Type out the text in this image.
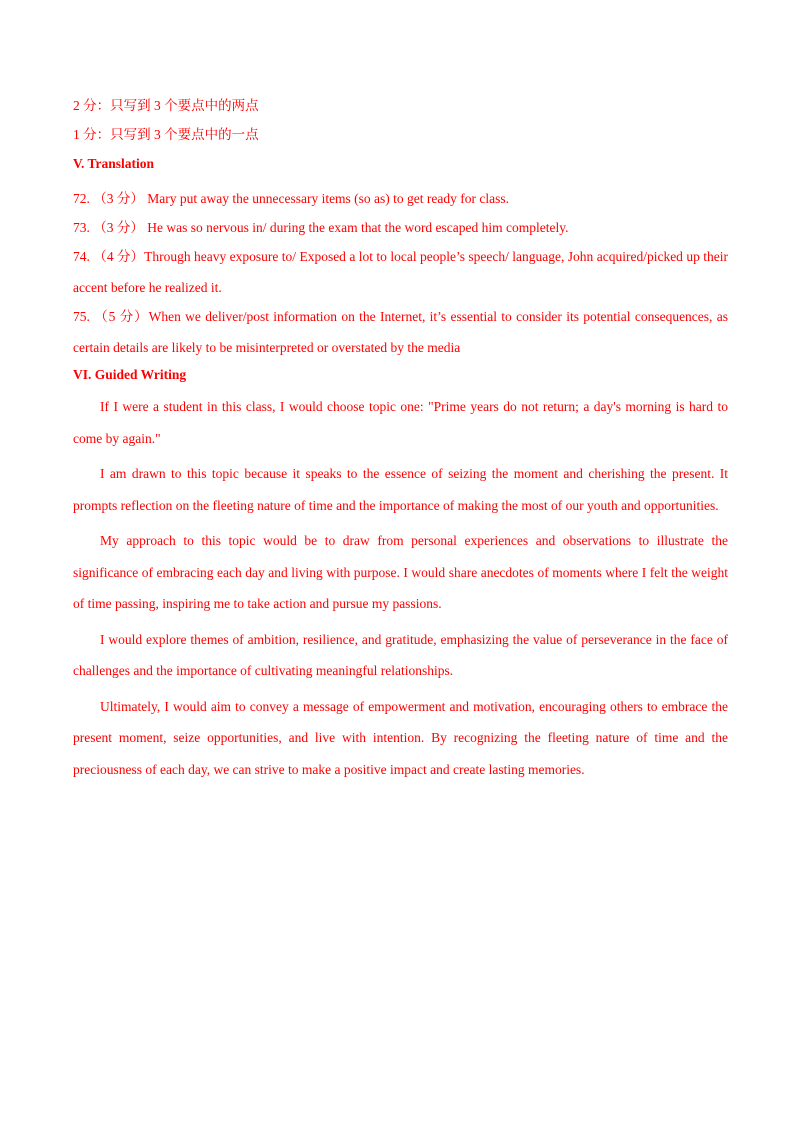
2 分：只写到 3 个要点中的两点

1 分：只写到 3 个要点中的一点

V. Translation

72. （3 分） Mary put away the unnecessary items (so as) to get ready for class.

73. （3 分） He was so nervous in/ during the exam that the word escaped him completely.

74. （4 分）Through heavy exposure to/ Exposed a lot to local people’s speech/ language, John acquired/picked up their accent before he realized it.

75. （5 分）When we deliver/post information on the Internet, it’s essential to consider its potential consequences, as certain details are likely to be misinterpreted or overstated by the media

VI. Guided Writing

If I were a student in this class, I would choose topic one: "Prime years do not return; a day's morning is hard to come by again."

I am drawn to this topic because it speaks to the essence of seizing the moment and cherishing the present. It prompts reflection on the fleeting nature of time and the importance of making the most of our youth and opportunities.

My approach to this topic would be to draw from personal experiences and observations to illustrate the significance of embracing each day and living with purpose. I would share anecdotes of moments where I felt the weight of time passing, inspiring me to take action and pursue my passions.

I would explore themes of ambition, resilience, and gratitude, emphasizing the value of perseverance in the face of challenges and the importance of cultivating meaningful relationships.

Ultimately, I would aim to convey a message of empowerment and motivation, encouraging others to embrace the present moment, seize opportunities, and live with intention. By recognizing the fleeting nature of time and the preciousness of each day, we can strive to make a positive impact and create lasting memories.
